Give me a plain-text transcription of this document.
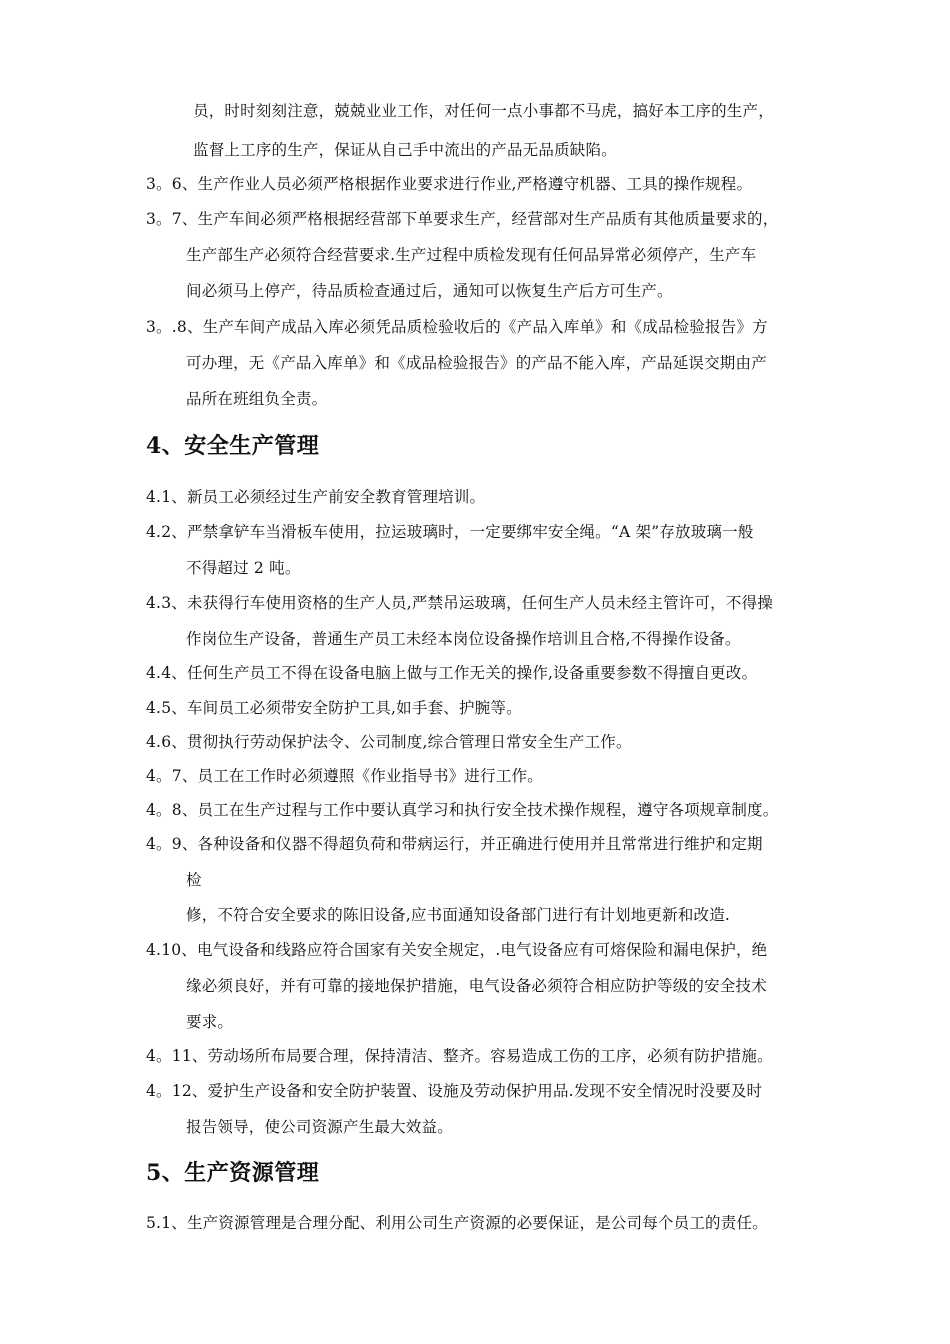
员，时时刻刻注意，兢兢业业工作，对任何一点小事都不马虎，搞好本工序的生产，
监督上工序的生产，保证从自己手中流出的产品无品质缺陷。
3。6、生产作业人员必须严格根据作业要求进行作业,严格遵守机器、工具的操作规程。
3。7、生产车间必须严格根据经营部下单要求生产，经营部对生产品质有其他质量要求的，
生产部生产必须符合经营要求.生产过程中质检发现有任何品异常必须停产，生产车
间必须马上停产，待品质检查通过后，通知可以恢复生产后方可生产。
3。.8、生产车间产成品入库必须凭品质检验收后的《产品入库单》和《成品检验报告》方
可办理，无《产品入库单》和《成品检验报告》的产品不能入库，产品延误交期由产
品所在班组负全责。
4、安全生产管理
4.1、新员工必须经过生产前安全教育管理培训。
4.2、严禁拿铲车当滑板车使用，拉运玻璃时，一定要绑牢安全绳。“A 架”存放玻璃一般
不得超过 2 吨。
4.3、未获得行车使用资格的生产人员,严禁吊运玻璃，任何生产人员未经主管许可，不得操
作岗位生产设备，普通生产员工未经本岗位设备操作培训且合格,不得操作设备。
4.4、任何生产员工不得在设备电脑上做与工作无关的操作,设备重要参数不得擅自更改。
4.5、车间员工必须带安全防护工具,如手套、护腕等。
4.6、贯彻执行劳动保护法令、公司制度,综合管理日常安全生产工作。
4。7、员工在工作时必须遵照《作业指导书》进行工作。
4。8、员工在生产过程与工作中要认真学习和执行安全技术操作规程，遵守各项规章制度。
4。9、各种设备和仪器不得超负荷和带病运行，并正确进行使用并且常常进行维护和定期
检
修，不符合安全要求的陈旧设备,应书面通知设备部门进行有计划地更新和改造.
4.10、电气设备和线路应符合国家有关安全规定，.电气设备应有可熔保险和漏电保护，绝
缘必须良好，并有可靠的接地保护措施，电气设备必须符合相应防护等级的安全技术
要求。
4。11、劳动场所布局要合理，保持清洁、整齐。容易造成工伤的工序，必须有防护措施。
4。12、爱护生产设备和安全防护装置、设施及劳动保护用品.发现不安全情况时没要及时
报告领导，使公司资源产生最大效益。
5、生产资源管理
5.1、生产资源管理是合理分配、利用公司生产资源的必要保证，是公司每个员工的责任。
